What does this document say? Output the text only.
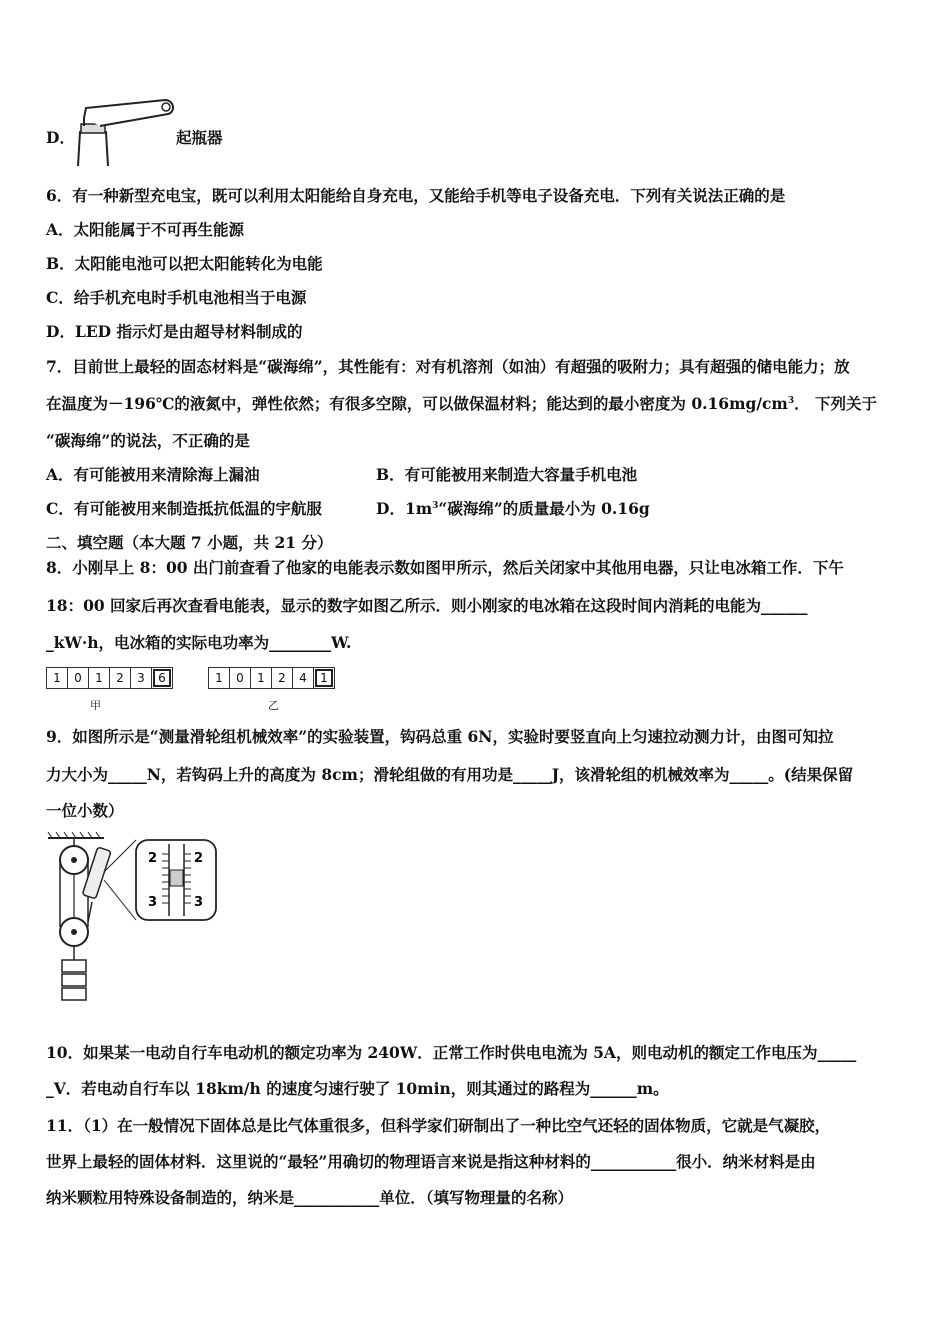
D．	起瓶器
6．有一种新型充电宝，既可以利用太阳能给自身充电，又能给手机等电子设备充电．下列有关说法正确的是
A．太阳能属于不可再生能源
B．太阳能电池可以把太阳能转化为电能
C．给手机充电时手机电池相当于电源
D．LED 指示灯是由超导材料制成的
7．目前世上最轻的固态材料是“碳海绵”，其性能有：对有机溶剂（如油）有超强的吸附力；具有超强的储电能力；放
在温度为－196℃的液氮中，弹性依然；有很多空隙，可以做保温材料；能达到的最小密度为 $0.16mg/cm^3$． 下列关于
“碳海绵”的说法，不正确的是
A．有可能被用来清除海上漏油	B．有可能被用来制造大容量手机电池
C．有可能被用来制造抵抗低温的宇航服	D．$1m^3“$碳海绵”的质量最小为 0.16g
二、填空题（本大题 7 小题，共 21 分）
8．小刚早上 8：00 出门前查看了他家的电能表示数如图甲所示，然后关闭家中其他用电器，只让电冰箱工作．下午
18：00 回家后再次查看电能表，显示的数字如图乙所示．则小刚家的电冰箱在这段时间内消耗的电能为______
_kW·h，电冰箱的实际电功率为________W.
1	0	1	2	3	6
甲
1	0	1	2	4	1
乙
9．如图所示是“测量滑轮组机械效率”的实验装置，钩码总重 6N，实验时要竖直向上匀速拉动测力计，由图可知拉
力大小为_____N，若钩码上升的高度为 8cm；滑轮组做的有用功是_____J，该滑轮组的机械效率为_____。(结果保留
一位小数）
2
3
2
3
10．如果某一电动自行车电动机的额定功率为 240W．正常工作时供电电流为 5A，则电动机的额定工作电压为_____
_V．若电动自行车以 18km/h 的速度匀速行驶了 10min，则其通过的路程为______m。
11．（1）在一般情况下固体总是比气体重很多，但科学家们研制出了一种比空气还轻的固体物质，它就是气凝胶，
世界上最轻的固体材料．这里说的“最轻”用确切的物理语言来说是指这种材料的___________很小．纳米材料是由
纳米颗粒用特殊设备制造的，纳米是___________单位．（填写物理量的名称）
